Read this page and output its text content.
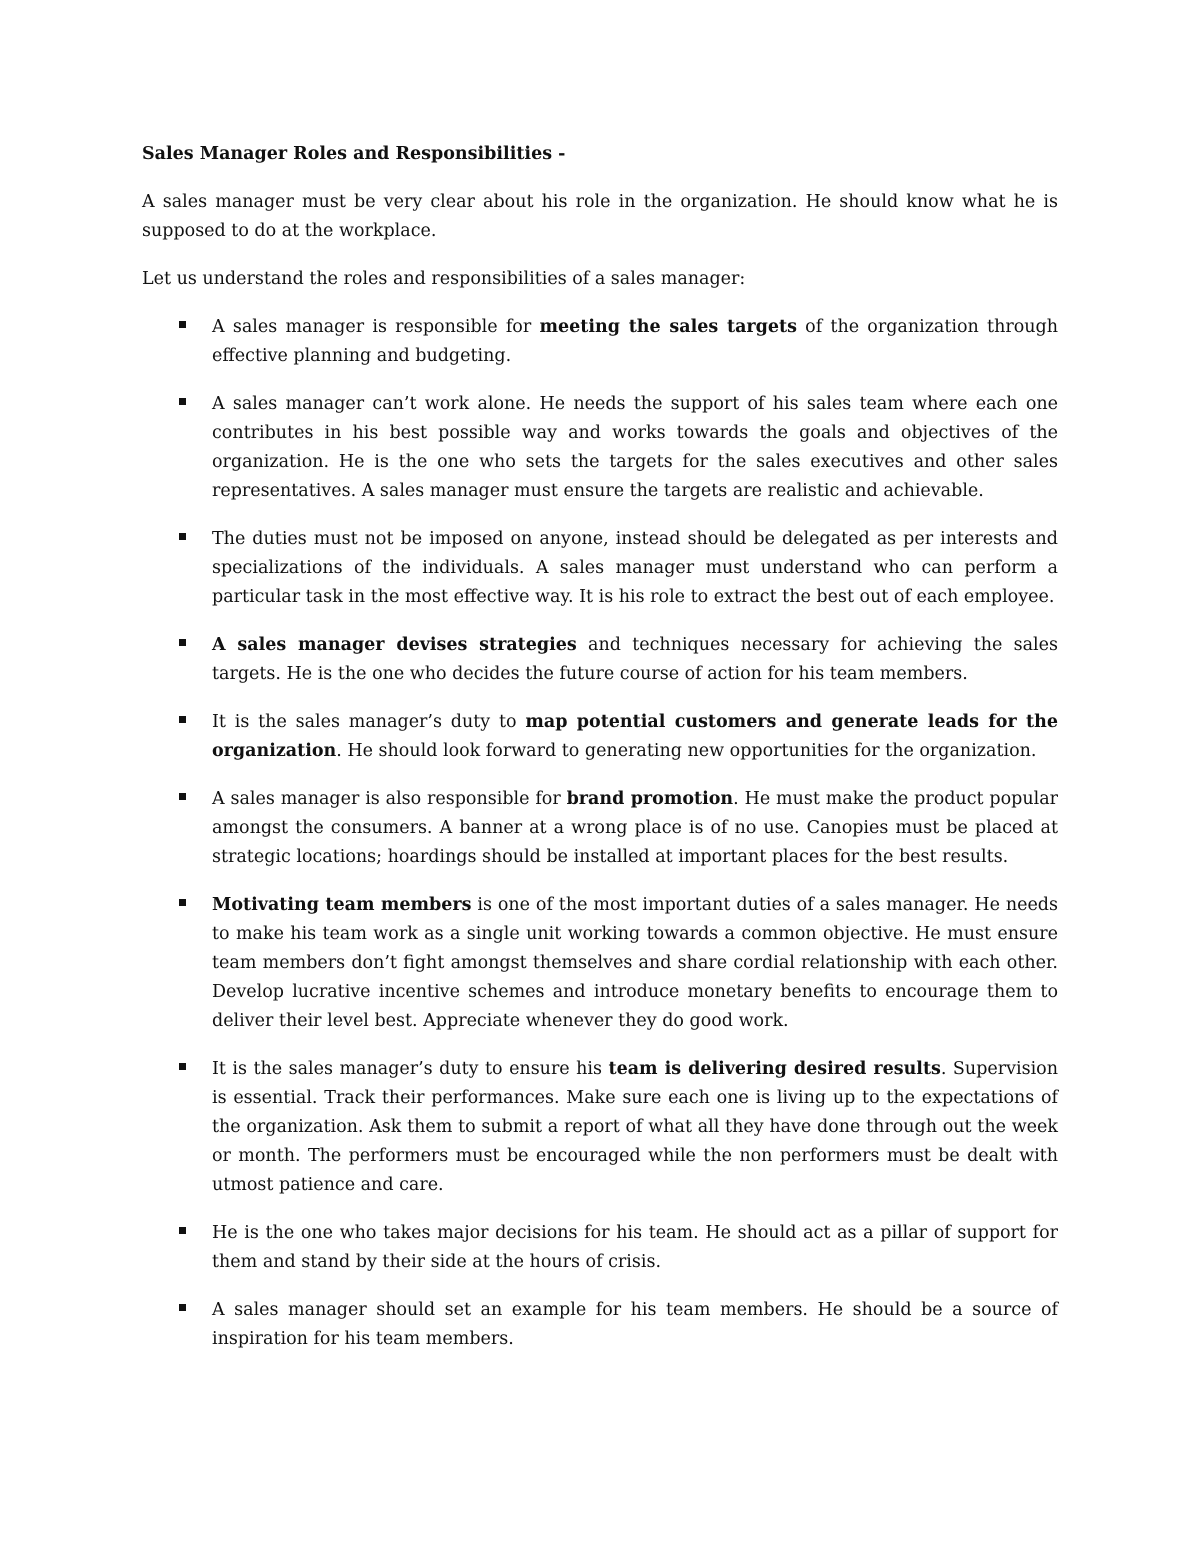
Sales Manager Roles and Responsibilities -

A sales manager must be very clear about his role in the organization. He should know what he is supposed to do at the workplace.

Let us understand the roles and responsibilities of a sales manager:

A sales manager is responsible for meeting the sales targets of the organization through effective planning and budgeting.
A sales manager can’t work alone. He needs the support of his sales team where each one contributes in his best possible way and works towards the goals and objectives of the organization. He is the one who sets the targets for the sales executives and other sales representatives. A sales manager must ensure the targets are realistic and achievable.
The duties must not be imposed on anyone, instead should be delegated as per interests and specializations of the individuals. A sales manager must understand who can perform a particular task in the most effective way. It is his role to extract the best out of each employee.
A sales manager devises strategies and techniques necessary for achieving the sales targets. He is the one who decides the future course of action for his team members.
It is the sales manager’s duty to map potential customers and generate leads for the organization. He should look forward to generating new opportunities for the organization.
A sales manager is also responsible for brand promotion. He must make the product popular amongst the consumers. A banner at a wrong place is of no use. Canopies must be placed at strategic locations; hoardings should be installed at important places for the best results.
Motivating team members is one of the most important duties of a sales manager. He needs to make his team work as a single unit working towards a common objective. He must ensure team members don’t fight amongst themselves and share cordial relationship with each other. Develop lucrative incentive schemes and introduce monetary benefits to encourage them to deliver their level best. Appreciate whenever they do good work.
It is the sales manager’s duty to ensure his team is delivering desired results. Supervision is essential. Track their performances. Make sure each one is living up to the expectations of the organization. Ask them to submit a report of what all they have done through out the week or month. The performers must be encouraged while the non performers must be dealt with utmost patience and care.
He is the one who takes major decisions for his team. He should act as a pillar of support for them and stand by their side at the hours of crisis.
A sales manager should set an example for his team members. He should be a source of inspiration for his team members.
